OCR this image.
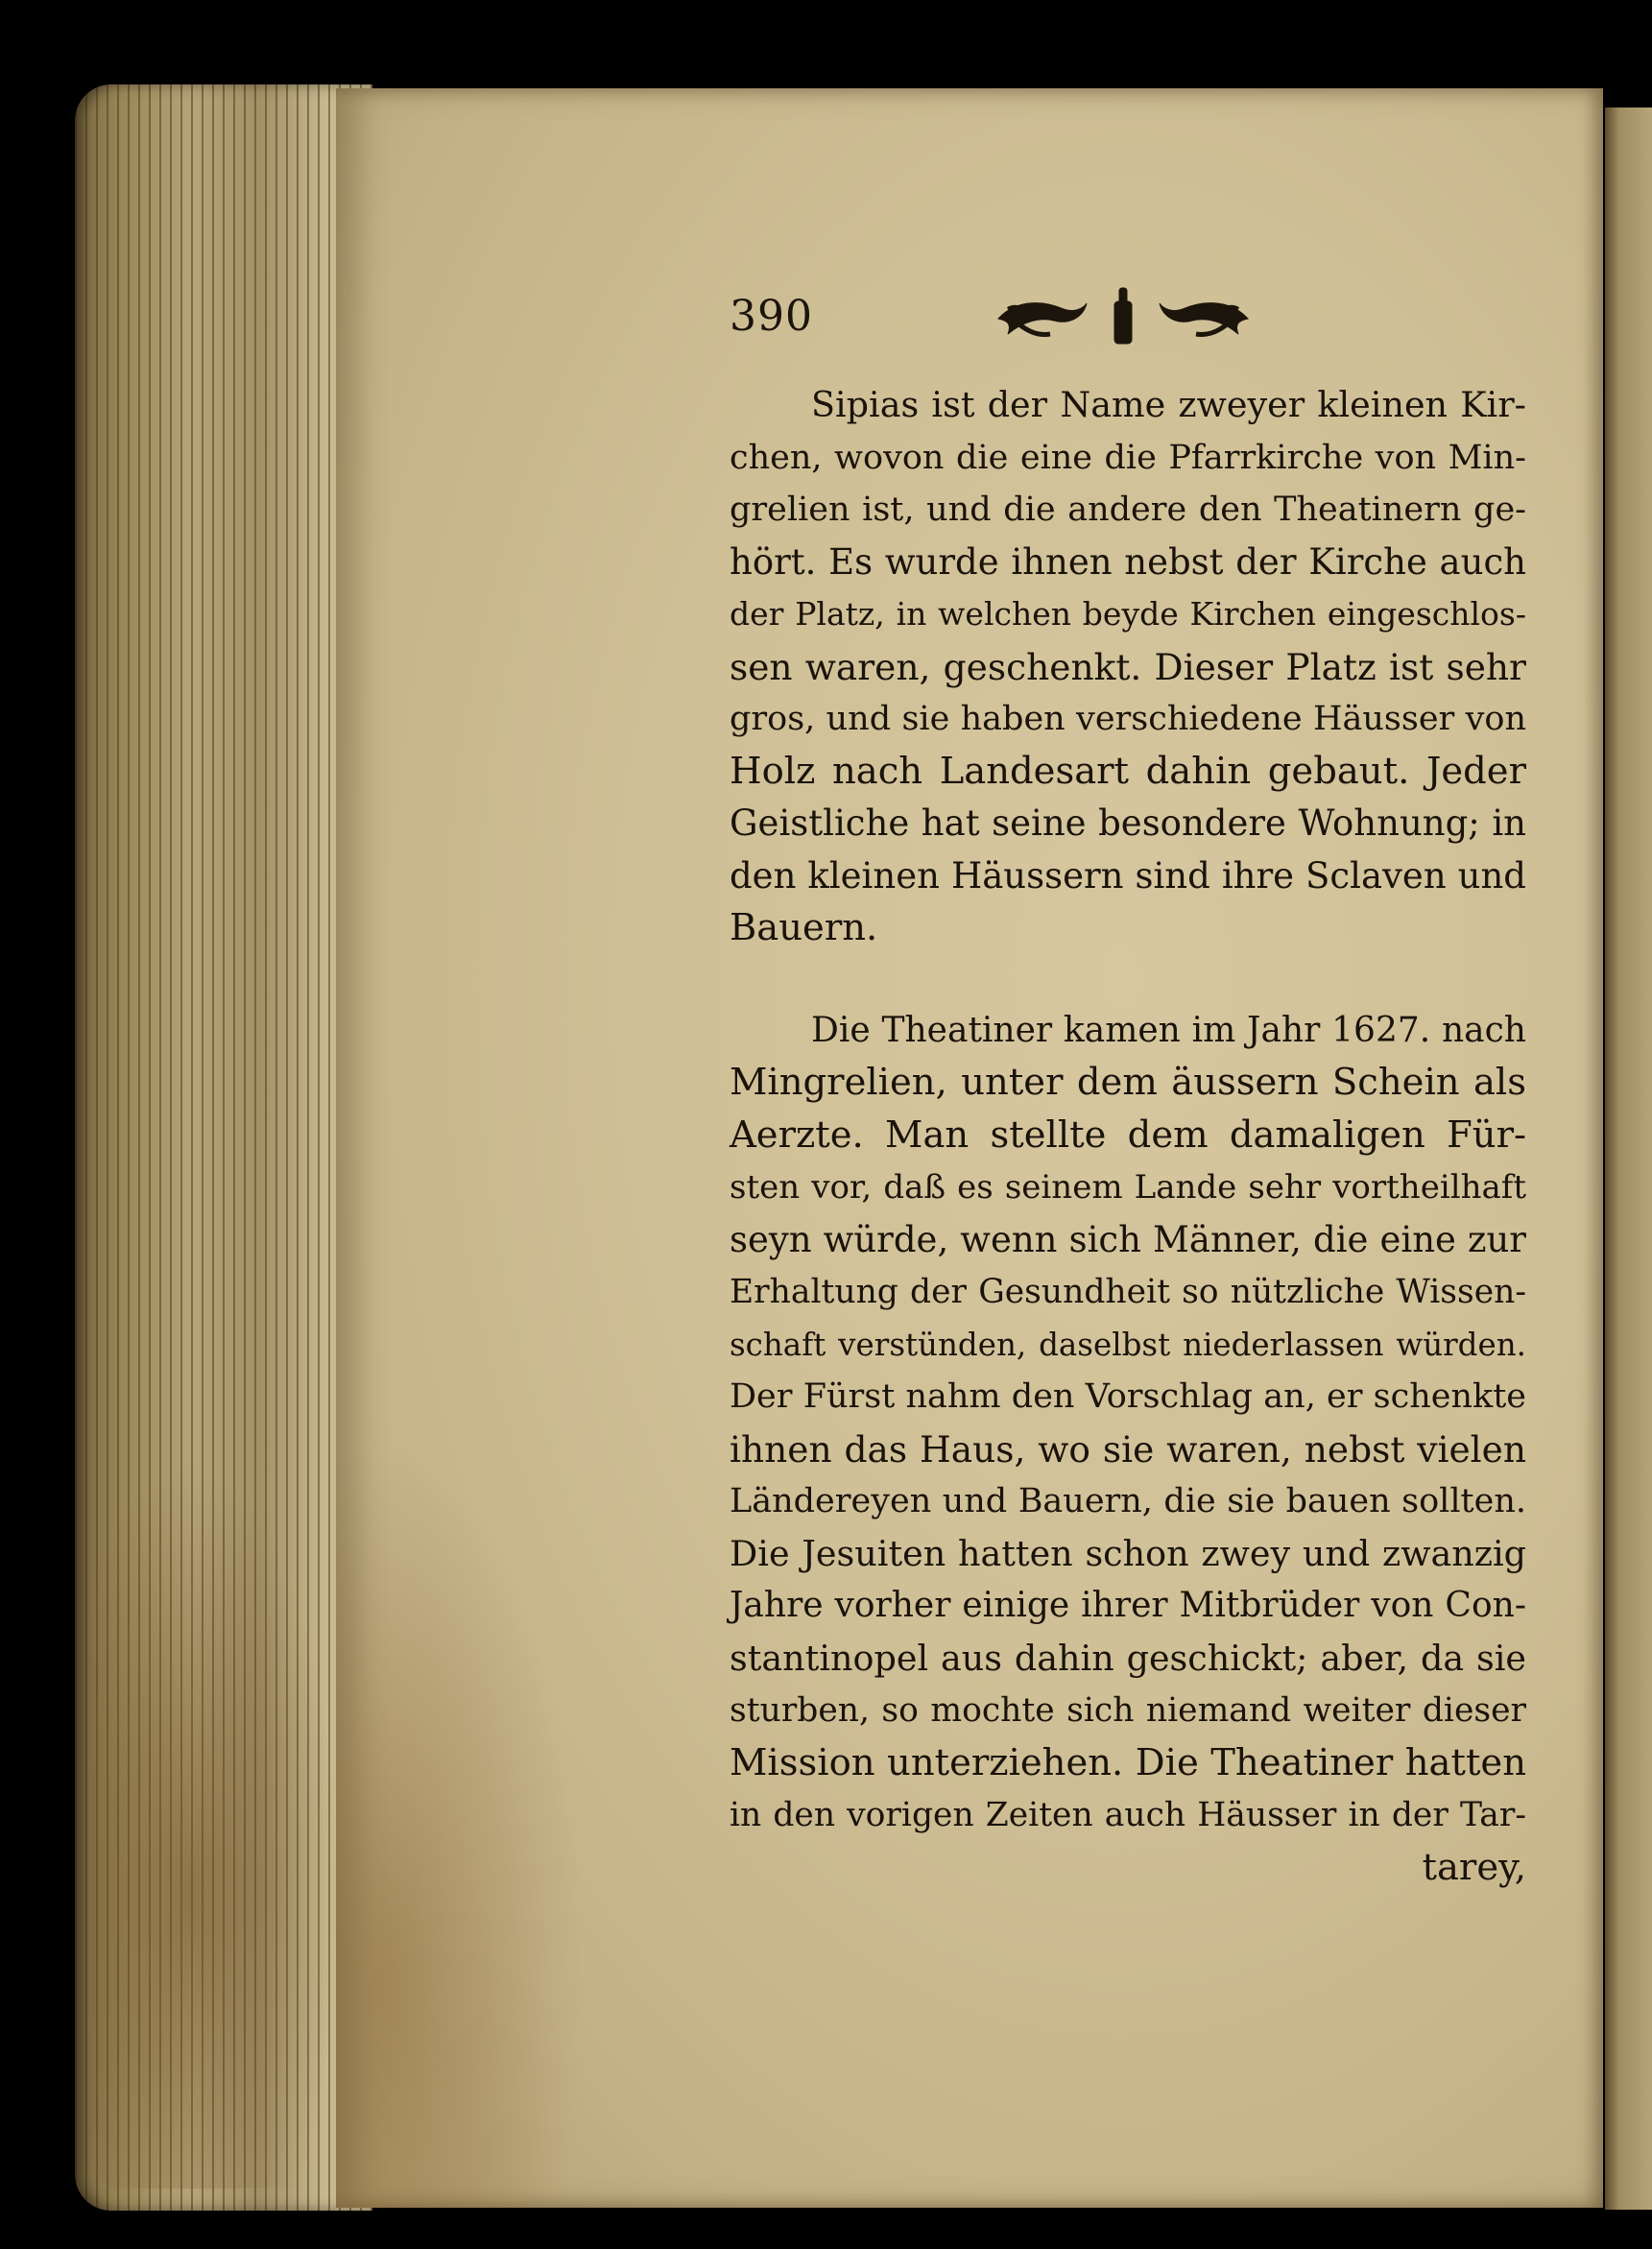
390

Sipias ist der Name zweyer kleinen Kir-
chen, wovon die eine die Pfarrkirche von Min-
grelien ist, und die andere den Theatinern ge-
hört. Es wurde ihnen nebst der Kirche auch
der Platz, in welchen beyde Kirchen eingeschlos-
sen waren, geschenkt. Dieser Platz ist sehr
gros, und sie haben verschiedene Häusser von
Holz nach Landesart dahin gebaut. Jeder
Geistliche hat seine besondere Wohnung; in
den kleinen Häussern sind ihre Sclaven und
Bauern.

Die Theatiner kamen im Jahr 1627. nach
Mingrelien, unter dem äussern Schein als
Aerzte. Man stellte dem damaligen Für-
sten vor, daß es seinem Lande sehr vortheilhaft
seyn würde, wenn sich Männer, die eine zur
Erhaltung der Gesundheit so nützliche Wissen-
schaft verstünden, daselbst niederlassen würden.
Der Fürst nahm den Vorschlag an, er schenkte
ihnen das Haus, wo sie waren, nebst vielen
Ländereyen und Bauern, die sie bauen sollten.
Die Jesuiten hatten schon zwey und zwanzig
Jahre vorher einige ihrer Mitbrüder von Con-
stantinopel aus dahin geschickt; aber, da sie
sturben, so mochte sich niemand weiter dieser
Mission unterziehen. Die Theatiner hatten
in den vorigen Zeiten auch Häusser in der Tar-
tarey,
